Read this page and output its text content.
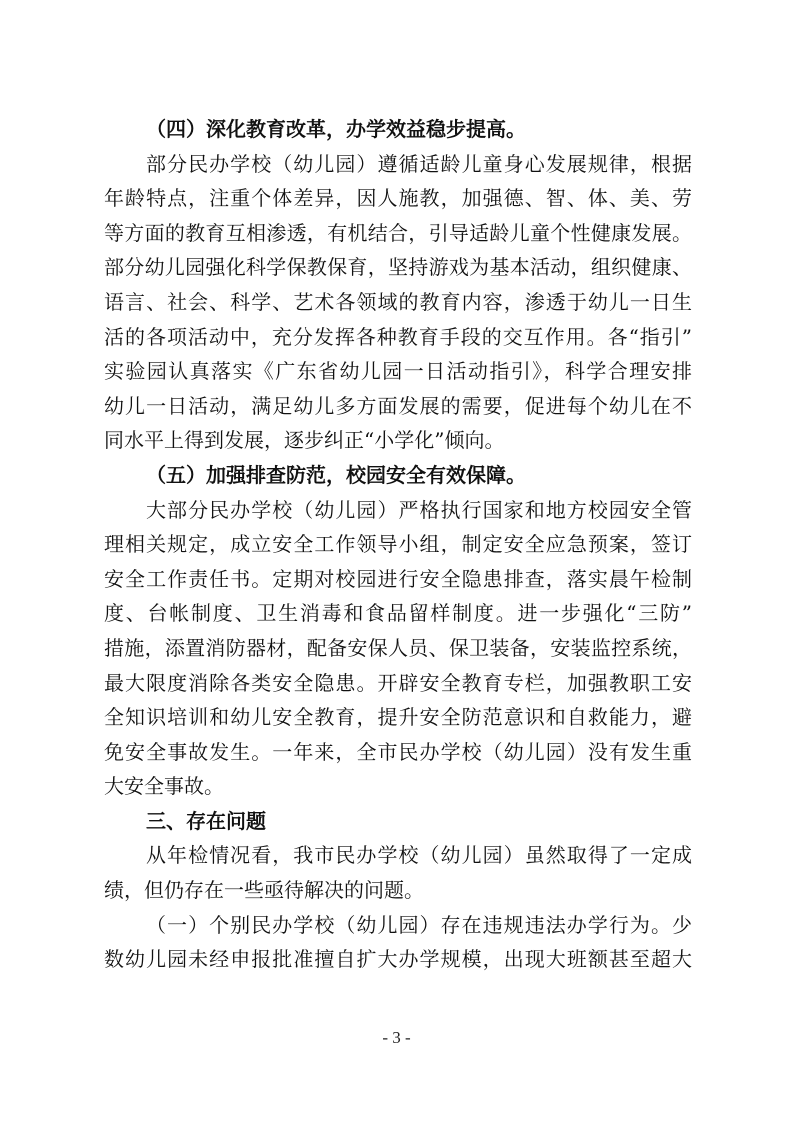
（四）深化教育改革，办学效益稳步提高。
部分民办学校（幼儿园）遵循适龄儿童身心发展规律，根据
年龄特点，注重个体差异，因人施教，加强德、智、体、美、劳
等方面的教育互相渗透，有机结合，引导适龄儿童个性健康发展。
部分幼儿园强化科学保教保育，坚持游戏为基本活动，组织健康、
语言、社会、科学、艺术各领域的教育内容，渗透于幼儿一日生
活的各项活动中，充分发挥各种教育手段的交互作用。各“指引”
实验园认真落实《广东省幼儿园一日活动指引》，科学合理安排
幼儿一日活动，满足幼儿多方面发展的需要，促进每个幼儿在不
同水平上得到发展，逐步纠正“小学化”倾向。
（五）加强排查防范，校园安全有效保障。
大部分民办学校（幼儿园）严格执行国家和地方校园安全管
理相关规定，成立安全工作领导小组，制定安全应急预案，签订
安全工作责任书。定期对校园进行安全隐患排查，落实晨午检制
度、台帐制度、卫生消毒和食品留样制度。进一步强化“三防”
措施，添置消防器材，配备安保人员、保卫装备，安装监控系统，
最大限度消除各类安全隐患。开辟安全教育专栏，加强教职工安
全知识培训和幼儿安全教育，提升安全防范意识和自救能力，避
免安全事故发生。一年来，全市民办学校（幼儿园）没有发生重
大安全事故。
三、存在问题
从年检情况看，我市民办学校（幼儿园）虽然取得了一定成
绩，但仍存在一些亟待解决的问题。
（一）个别民办学校（幼儿园）存在违规违法办学行为。少
数幼儿园未经申报批准擅自扩大办学规模，出现大班额甚至超大
- 3 -
